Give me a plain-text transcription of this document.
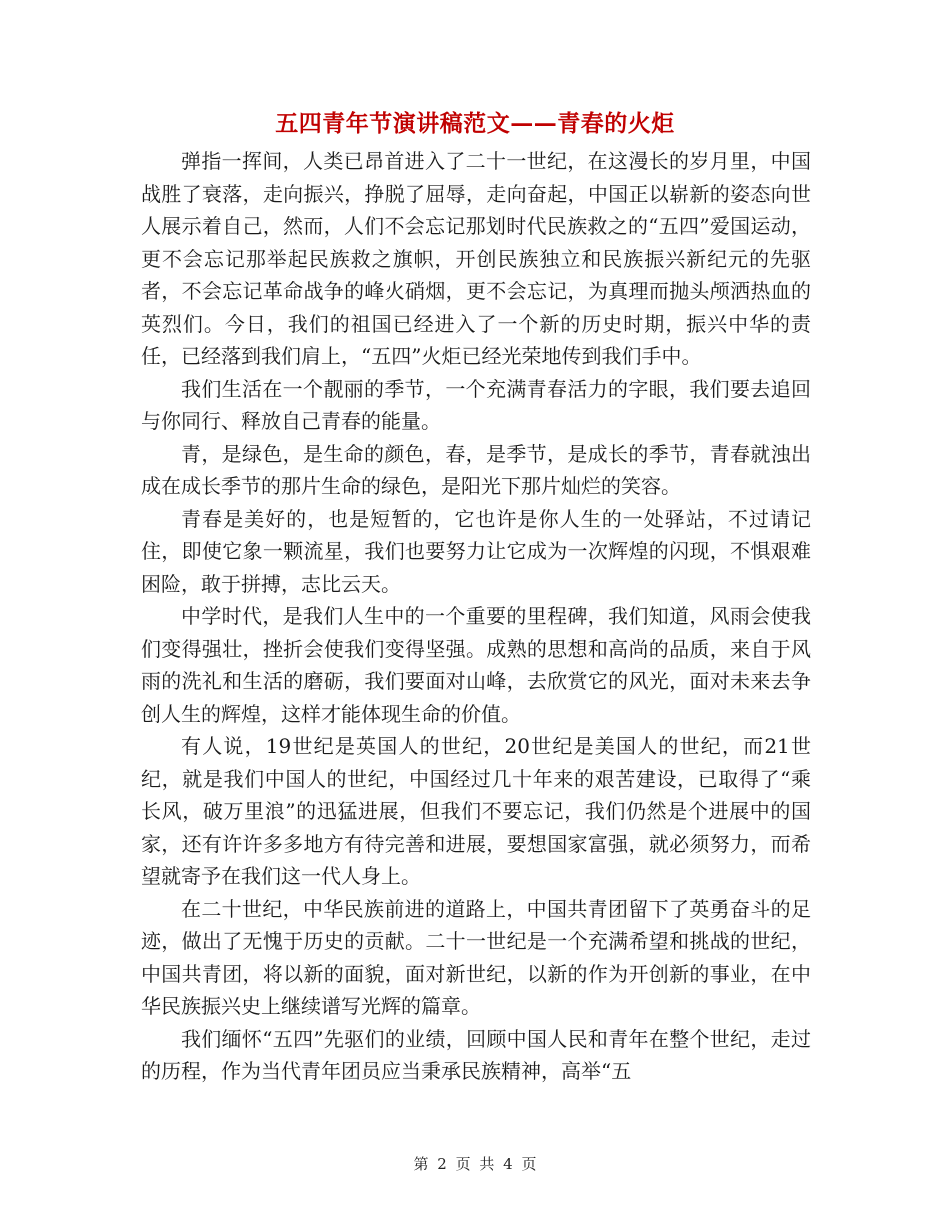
五四青年节演讲稿范文——青春的火炬

弹指一挥间，人类已昂首进入了二十一世纪，在这漫长的岁月里，中国战胜了衰落，走向振兴，挣脱了屈辱，走向奋起，中国正以崭新的姿态向世人展示着自己，然而，人们不会忘记那划时代民族救之的“五四”爱国运动，更不会忘记那举起民族救之旗帜，开创民族独立和民族振兴新纪元的先驱者，不会忘记革命战争的峰火硝烟，更不会忘记，为真理而抛头颅洒热血的英烈们。今日，我们的祖国已经进入了一个新的历史时期，振兴中华的责任，已经落到我们肩上，“五四”火炬已经光荣地传到我们手中。

我们生活在一个靓丽的季节，一个充满青春活力的字眼，我们要去追回与你同行、释放自己青春的能量。

青，是绿色，是生命的颜色，春，是季节，是成长的季节，青春就浊出成在成长季节的那片生命的绿色，是阳光下那片灿烂的笑容。

青春是美好的，也是短暂的，它也许是你人生的一处驿站，不过请记住，即使它象一颗流星，我们也要努力让它成为一次辉煌的闪现，不惧艰难困险，敢于拼搏，志比云天。

中学时代，是我们人生中的一个重要的里程碑，我们知道，风雨会使我们变得强壮，挫折会使我们变得坚强。成熟的思想和高尚的品质，来自于风雨的洗礼和生活的磨砺，我们要面对山峰，去欣赏它的风光，面对未来去争创人生的辉煌，这样才能体现生命的价值。

有人说，19世纪是英国人的世纪，20世纪是美国人的世纪，而21世纪，就是我们中国人的世纪，中国经过几十年来的艰苦建设，已取得了“乘长风，破万里浪”的迅猛进展，但我们不要忘记，我们仍然是个进展中的国家，还有许许多多地方有待完善和进展，要想国家富强，就必须努力，而希望就寄予在我们这一代人身上。

在二十世纪，中华民族前进的道路上，中国共青团留下了英勇奋斗的足迹，做出了无愧于历史的贡献。二十一世纪是一个充满希望和挑战的世纪，中国共青团，将以新的面貌，面对新世纪，以新的作为开创新的事业，在中华民族振兴史上继续谱写光辉的篇章。

我们缅怀“五四”先驱们的业绩，回顾中国人民和青年在整个世纪，走过的历程，作为当代青年团员应当秉承民族精神，高举“五

第 2 页 共 4 页
